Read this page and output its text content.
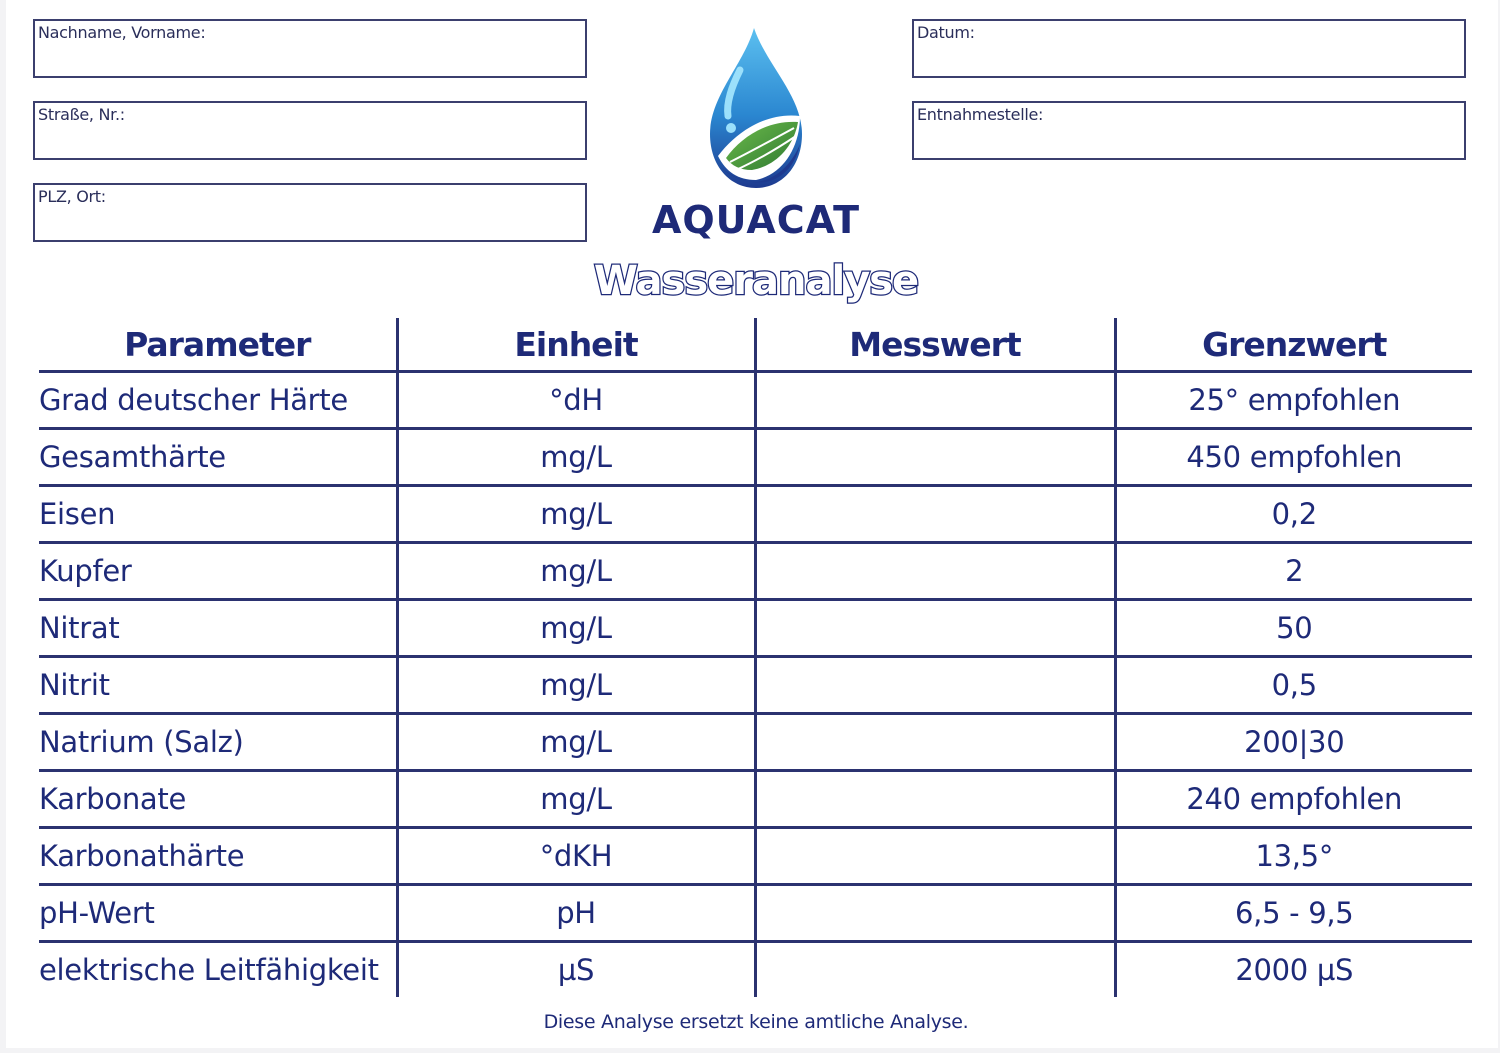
Nachname, Vorname:
Straße, Nr.:
PLZ, Ort:
Datum:
Entnahmestelle:
AQUACAT
Wasseranalyse
Parameter	Einheit	Messwert	Grenzwert
Grad deutscher Härte	°dH		25° empfohlen
Gesamthärte	mg/L		450 empfohlen
Eisen	mg/L		0,2
Kupfer	mg/L		2
Nitrat	mg/L		50
Nitrit	mg/L		0,5
Natrium (Salz)	mg/L		200|30
Karbonate	mg/L		240 empfohlen
Karbonathärte	°dKH		13,5°
pH-Wert	pH		6,5 - 9,5
elektrische Leitfähigkeit	µS		2000 µS
Diese Analyse ersetzt keine amtliche Analyse.
